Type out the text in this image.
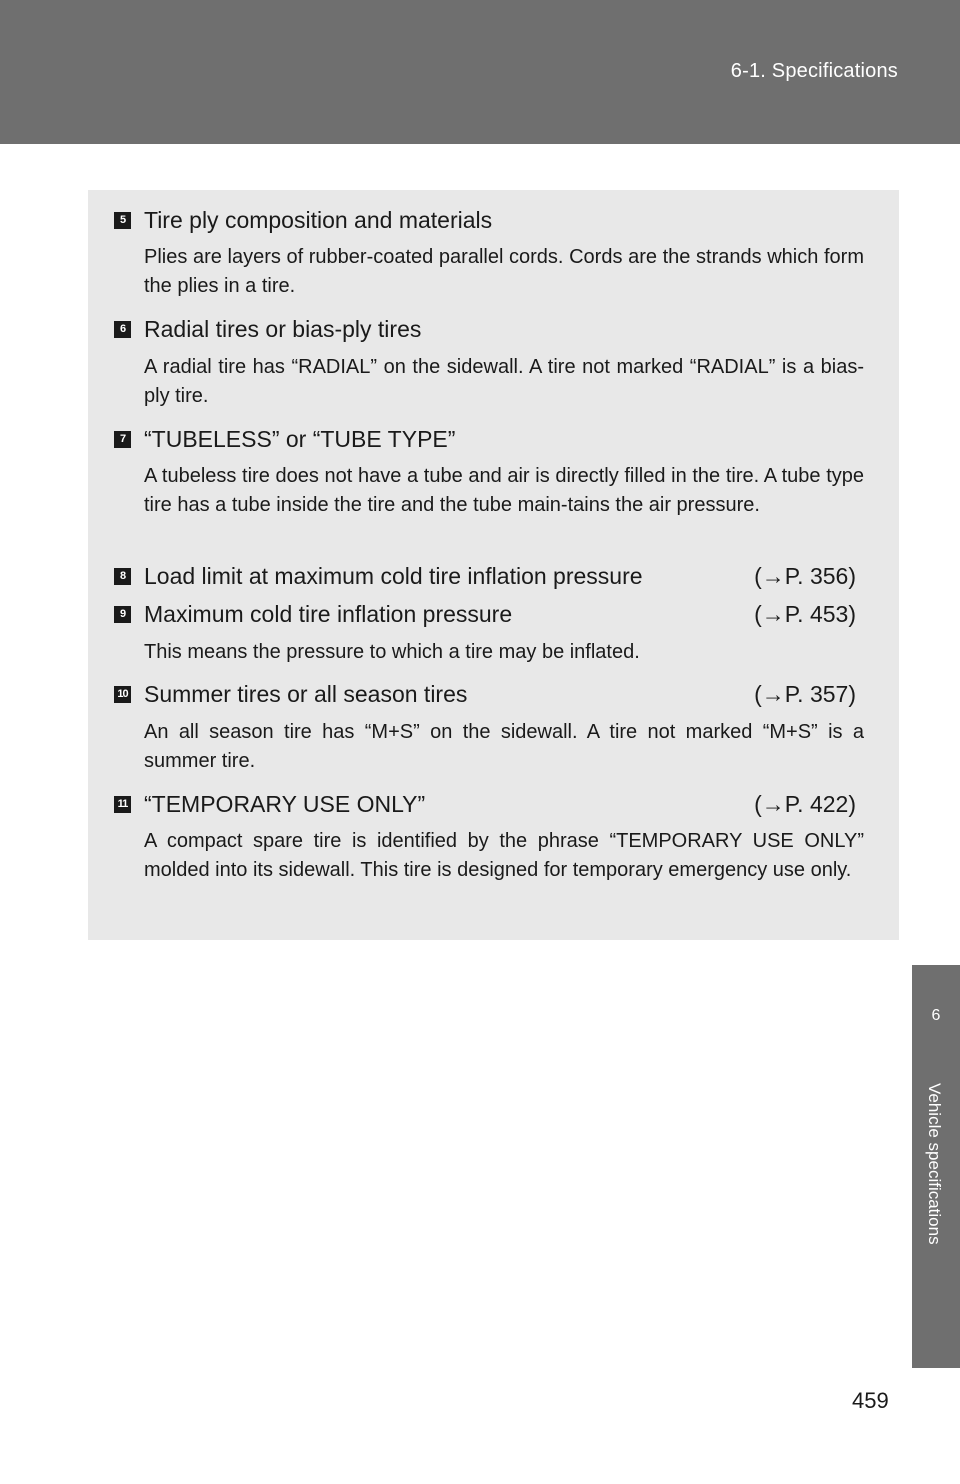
6-1. Specifications
6
Vehicle specifications
5 Tire ply composition and materials
Plies are layers of rubber-coated parallel cords. Cords are the strands which form the plies in a tire.
6 Radial tires or bias-ply tires
A radial tire has “RADIAL” on the sidewall. A tire not marked “RADIAL” is a bias-ply tire.
7 “TUBELESS” or “TUBE TYPE”
A tubeless tire does not have a tube and air is directly filled in the tire. A tube type tire has a tube inside the tire and the tube main-tains the air pressure.
8 Load limit at maximum cold tire inflation pressure	(→P. 356)
9 Maximum cold tire inflation pressure	(→P. 453)
This means the pressure to which a tire may be inflated.
10 Summer tires or all season tires	(→P. 357)
An all season tire has “M+S” on the sidewall. A tire not marked “M+S” is a summer tire.
11 “TEMPORARY USE ONLY”	(→P. 422)
A compact spare tire is identified by the phrase “TEMPORARY USE ONLY” molded into its sidewall. This tire is designed for temporary emergency use only.
459
